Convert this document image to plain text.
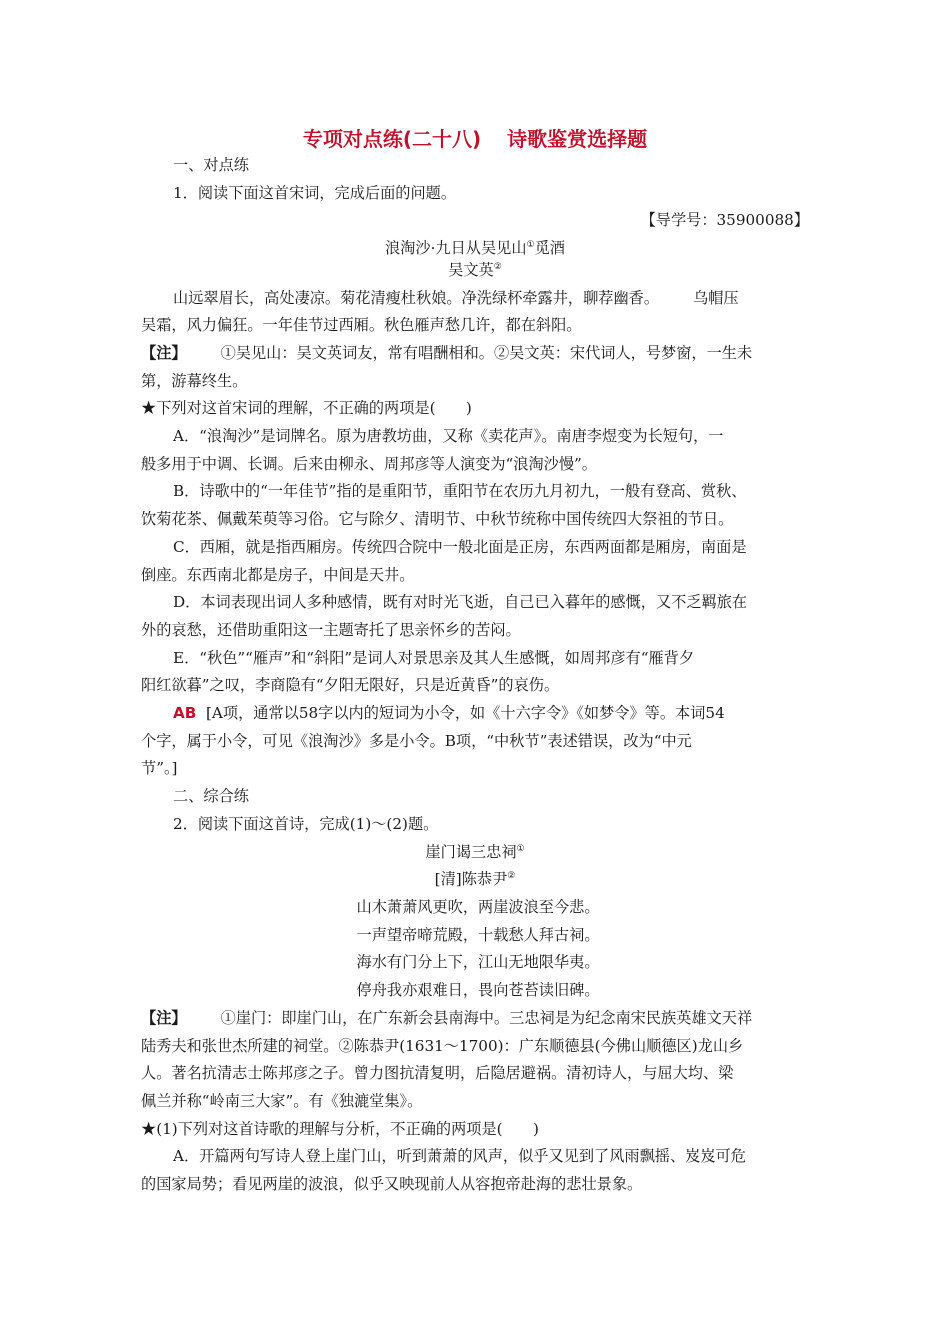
专项对点练(二十八) 诗歌鉴赏选择题

一、对点练

1．阅读下面这首宋词，完成后面的问题。

【导学号：35900088】

浪淘沙·九日从吴见山①觅酒

吴文英②

山远翠眉长，高处凄凉。菊花清瘦杜秋娘。净洗绿杯牵露井，聊荐幽香。 乌帽压

吴霜，风力偏狂。一年佳节过西厢。秋色雁声愁几许，都在斜阳。

【注】 ①吴见山：吴文英词友，常有唱酬相和。②吴文英：宋代词人，号梦窗，一生未

第，游幕终生。

★下列对这首宋词的理解，不正确的两项是(　　)

A．“浪淘沙”是词牌名。原为唐教坊曲，又称《卖花声》。南唐李煜变为长短句，一

般多用于中调、长调。后来由柳永、周邦彦等人演变为“浪淘沙慢”。

B．诗歌中的“一年佳节”指的是重阳节，重阳节在农历九月初九，一般有登高、赏秋、

饮菊花茶、佩戴茱萸等习俗。它与除夕、清明节、中秋节统称中国传统四大祭祖的节日。

C．西厢，就是指西厢房。传统四合院中一般北面是正房，东西两面都是厢房，南面是

倒座。东西南北都是房子，中间是天井。

D．本词表现出词人多种感情，既有对时光飞逝，自己已入暮年的感慨，又不乏羁旅在

外的哀愁，还借助重阳这一主题寄托了思亲怀乡的苦闷。

E．“秋色”“雁声”和“斜阳”是词人对景思亲及其人生感慨，如周邦彦有“雁背夕

阳红欲暮”之叹，李商隐有“夕阳无限好，只是近黄昏”的哀伤。

AB [A项，通常以58字以内的短词为小令，如《十六字令》《如梦令》等。本词54

个字，属于小令，可见《浪淘沙》多是小令。B项，“中秋节”表述错误，改为“中元

节”。]

二、综合练

2．阅读下面这首诗，完成(1)～(2)题。

崖门谒三忠祠①

[清]陈恭尹②

山木萧萧风更吹，两崖波浪至今悲。

一声望帝啼荒殿，十载愁人拜古祠。

海水有门分上下，江山无地限华夷。

停舟我亦艰难日，畏向苍苔读旧碑。

【注】 ①崖门：即崖门山，在广东新会县南海中。三忠祠是为纪念南宋民族英雄文天祥

陆秀夫和张世杰所建的祠堂。②陈恭尹(1631～1700)：广东顺德县(今佛山顺德区)龙山乡

人。著名抗清志士陈邦彦之子。曾力图抗清复明，后隐居避祸。清初诗人，与屈大均、梁

佩兰并称“岭南三大家”。有《独漉堂集》。

★(1)下列对这首诗歌的理解与分析，不正确的两项是(　　)

A．开篇两句写诗人登上崖门山，听到萧萧的风声，似乎又见到了风雨飘摇、岌岌可危

的国家局势；看见两崖的波浪，似乎又映现前人从容抱帝赴海的悲壮景象。
